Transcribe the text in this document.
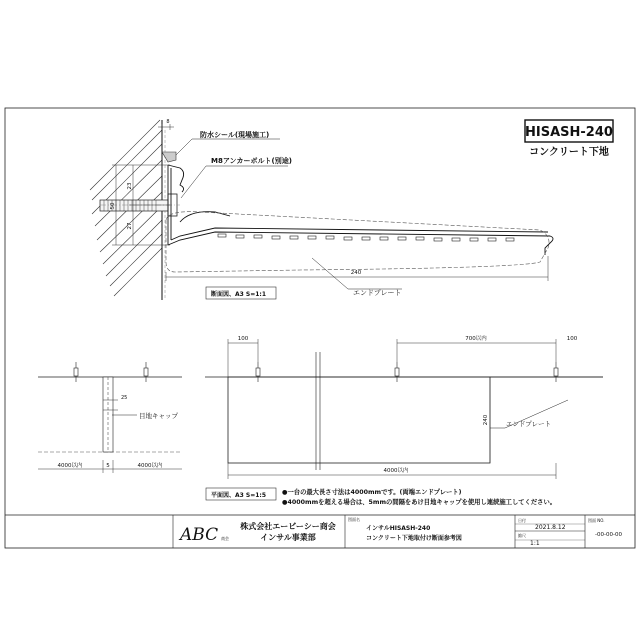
HISASH-240
コンクリート下地
8
50
23
27
240
防水シール(現場施工)
M8アンカーボルト(別途)
エンドプレート
断面図、A3 S=1:1
25
目地キャップ
4000以内	5	4000以内
100	700以内	100
240	エンドプレート
4000以内
平面図、A3 S=1:5	●一台の最大長さ寸法は4000mmです。(両端エンドプレート)
●4000mmを超える場合は、5mmの間隔をあけ目地キャップを使用し連続施工してください。
ABC 商会
株式会社エービーシー商会
インサル事業部
図面名
インサルHISASH-240
コンクリート下地取付け断面参考図
日付
2021.8.12
縮尺
1:1
図面 NO.
-00-00-00
